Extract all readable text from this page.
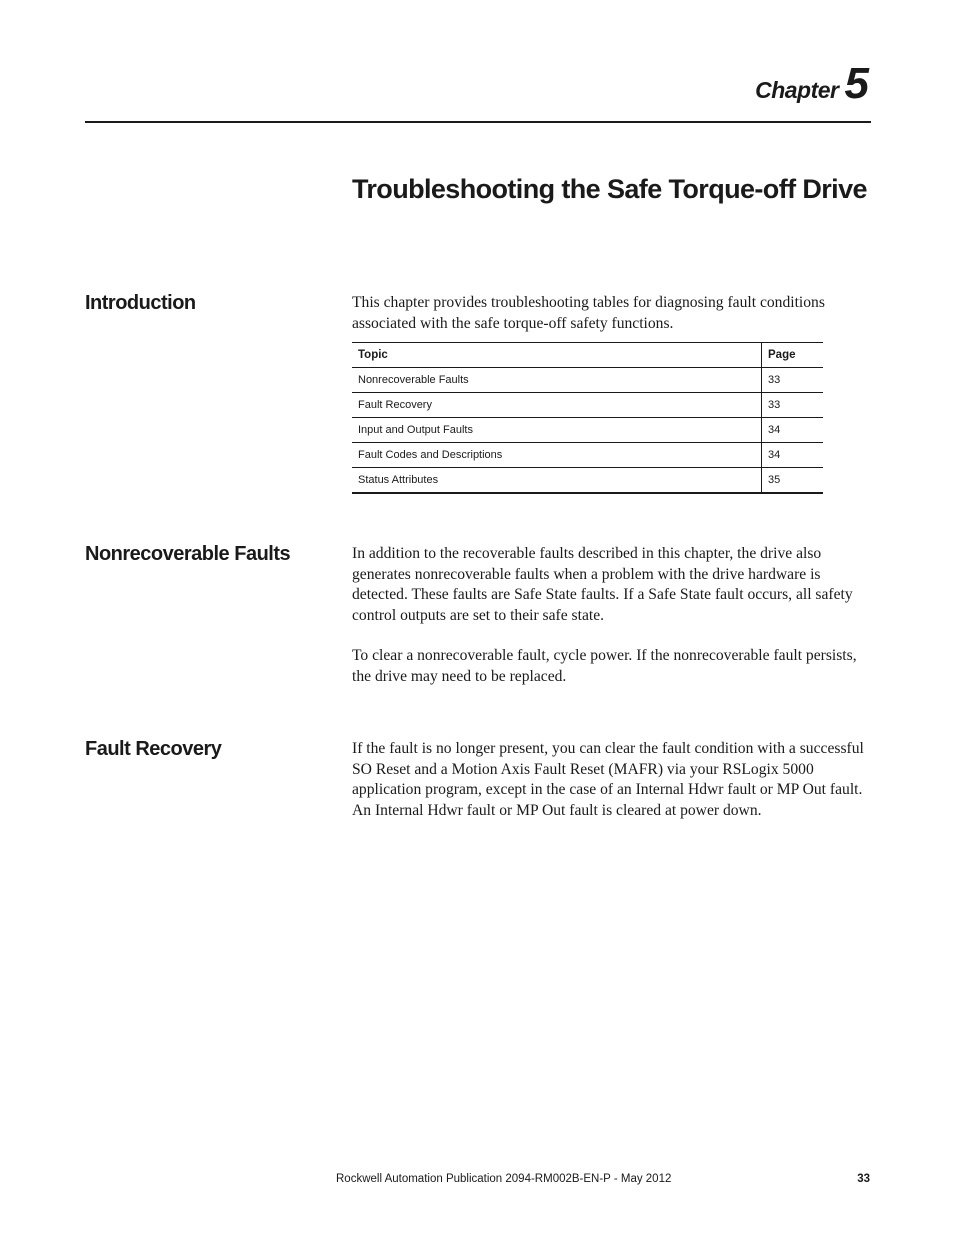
Chapter 5
Troubleshooting the Safe Torque-off Drive
Introduction	This chapter provides troubleshooting tables for diagnosing fault conditions associated with the safe torque-off safety functions.

Topic	Page
Nonrecoverable Faults	33
Fault Recovery	33
Input and Output Faults	34
Fault Codes and Descriptions	34
Status Attributes	35
Nonrecoverable Faults	In addition to the recoverable faults described in this chapter, the drive also generates nonrecoverable faults when a problem with the drive hardware is detected. These faults are Safe State faults. If a Safe State fault occurs, all safety control outputs are set to their safe state.

To clear a nonrecoverable fault, cycle power. If the nonrecoverable fault persists, the drive may need to be replaced.

Fault Recovery	If the fault is no longer present, you can clear the fault condition with a successful SO Reset and a Motion Axis Fault Reset (MAFR) via your RSLogix 5000 application program, except in the case of an Internal Hdwr fault or MP Out fault. An Internal Hdwr fault or MP Out fault is cleared at power down.

Rockwell Automation Publication 2094-RM002B-EN-P - May 2012	33
